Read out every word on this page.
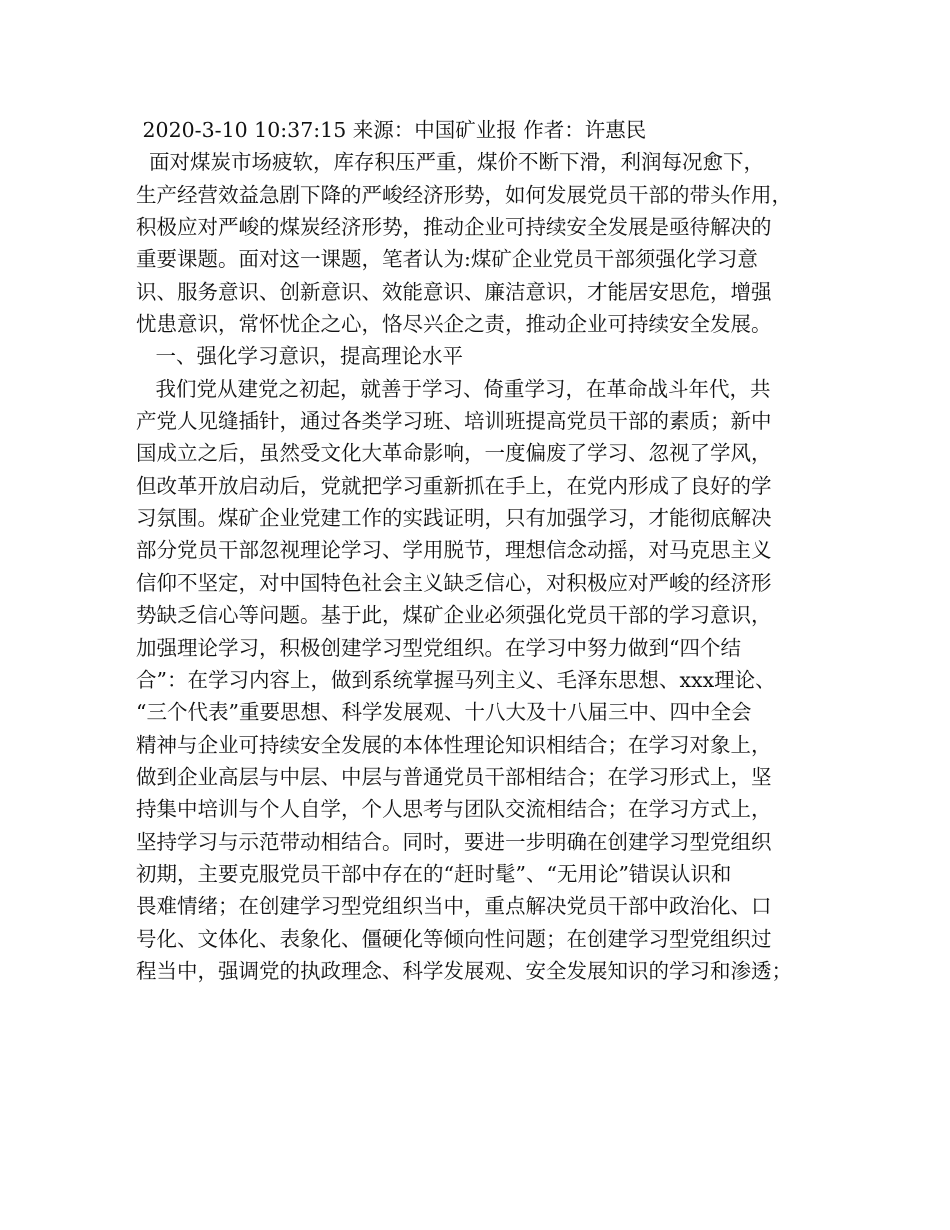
2020-3-10 10:37:15 来源：中国矿业报 作者：许惠民
面对煤炭市场疲软，库存积压严重，煤价不断下滑，利润每况愈下，
生产经营效益急剧下降的严峻经济形势，如何发展党员干部的带头作用，
积极应对严峻的煤炭经济形势，推动企业可持续安全发展是亟待解决的
重要课题。面对这一课题，笔者认为:煤矿企业党员干部须强化学习意
识、服务意识、创新意识、效能意识、廉洁意识，才能居安思危，增强
忧患意识，常怀忧企之心，恪尽兴企之责，推动企业可持续安全发展。
一、强化学习意识，提高理论水平
我们党从建党之初起，就善于学习、倚重学习，在革命战斗年代，共
产党人见缝插针，通过各类学习班、培训班提高党员干部的素质；新中
国成立之后，虽然受文化大革命影响，一度偏废了学习、忽视了学风，
但改革开放启动后，党就把学习重新抓在手上，在党内形成了良好的学
习氛围。煤矿企业党建工作的实践证明，只有加强学习，才能彻底解决
部分党员干部忽视理论学习、学用脱节，理想信念动摇，对马克思主义
信仰不坚定，对中国特色社会主义缺乏信心，对积极应对严峻的经济形
势缺乏信心等问题。基于此，煤矿企业必须强化党员干部的学习意识，
加强理论学习，积极创建学习型党组织。在学习中努力做到“四个结
合”：在学习内容上，做到系统掌握马列主义、毛泽东思想、xxx理论、
“三个代表”重要思想、科学发展观、十八大及十八届三中、四中全会
精神与企业可持续安全发展的本体性理论知识相结合；在学习对象上，
做到企业高层与中层、中层与普通党员干部相结合；在学习形式上，坚
持集中培训与个人自学，个人思考与团队交流相结合；在学习方式上，
坚持学习与示范带动相结合。同时，要进一步明确在创建学习型党组织
初期，主要克服党员干部中存在的“赶时髦”、“无用论”错误认识和
畏难情绪；在创建学习型党组织当中，重点解决党员干部中政治化、口
号化、文体化、表象化、僵硬化等倾向性问题；在创建学习型党组织过
程当中，强调党的执政理念、科学发展观、安全发展知识的学习和渗透；
